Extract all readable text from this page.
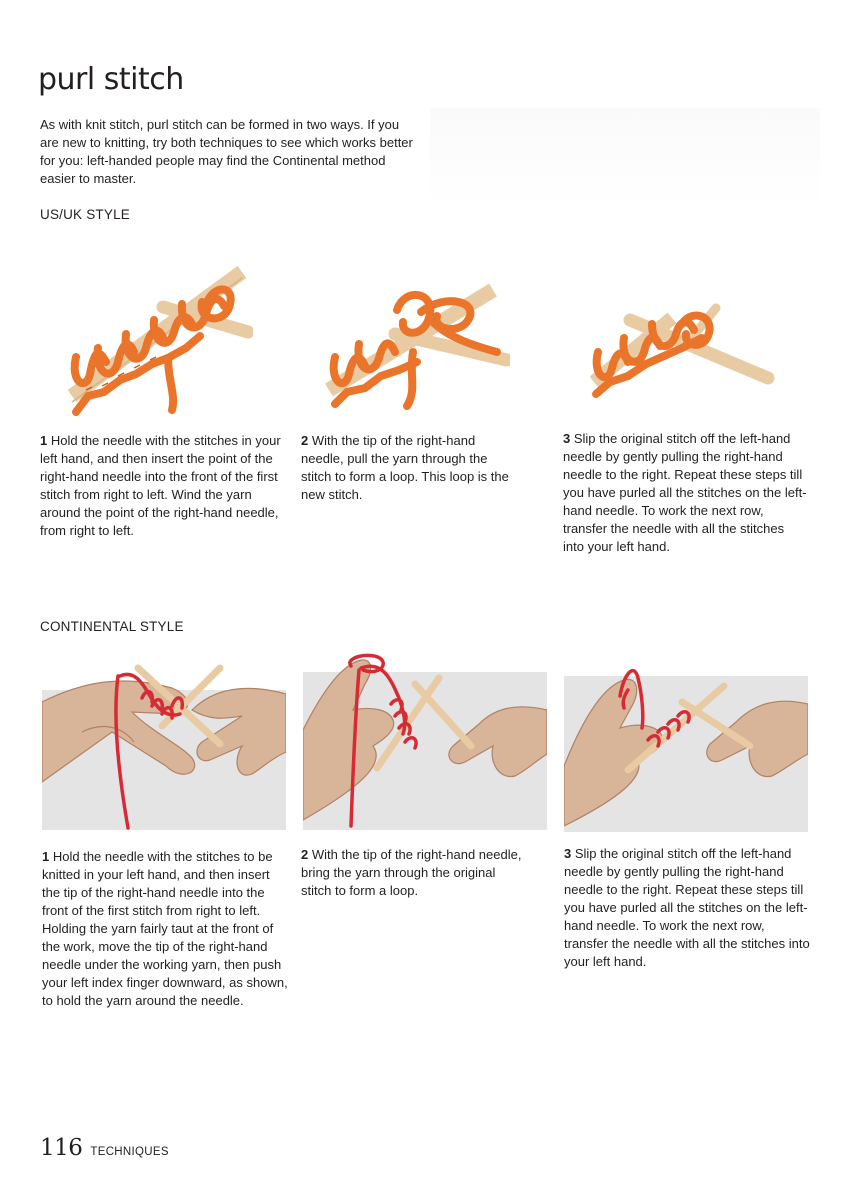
purl stitch

As with knit stitch, purl stitch can be formed in two ways. If you are new to knitting, try both techniques to see which works better for you: left-handed people may find the Continental method easier to master.

US/UK STYLE

1 Hold the needle with the stitches in your left hand, and then insert the point of the right-hand needle into the front of the first stitch from right to left. Wind the yarn around the point of the right-hand needle, from right to left.

2 With the tip of the right-hand needle, pull the yarn through the stitch to form a loop. This loop is the new stitch.

3 Slip the original stitch off the left-hand needle by gently pulling the right-hand needle to the right. Repeat these steps till you have purled all the stitches on the left-hand needle. To work the next row, transfer the needle with all the stitches into your left hand.

CONTINENTAL STYLE

1 Hold the needle with the stitches to be knitted in your left hand, and then insert the tip of the right-hand needle into the front of the first stitch from right to left. Holding the yarn fairly taut at the front of the work, move the tip of the right-hand needle under the working yarn, then push your left index finger downward, as shown, to hold the yarn around the needle.

2 With the tip of the right-hand needle, bring the yarn through the original stitch to form a loop.

3 Slip the original stitch off the left-hand needle by gently pulling the right-hand needle to the right. Repeat these steps till you have purled all the stitches on the left-hand needle. To work the next row, transfer the needle with all the stitches into your left hand.

116 TECHNIQUES
